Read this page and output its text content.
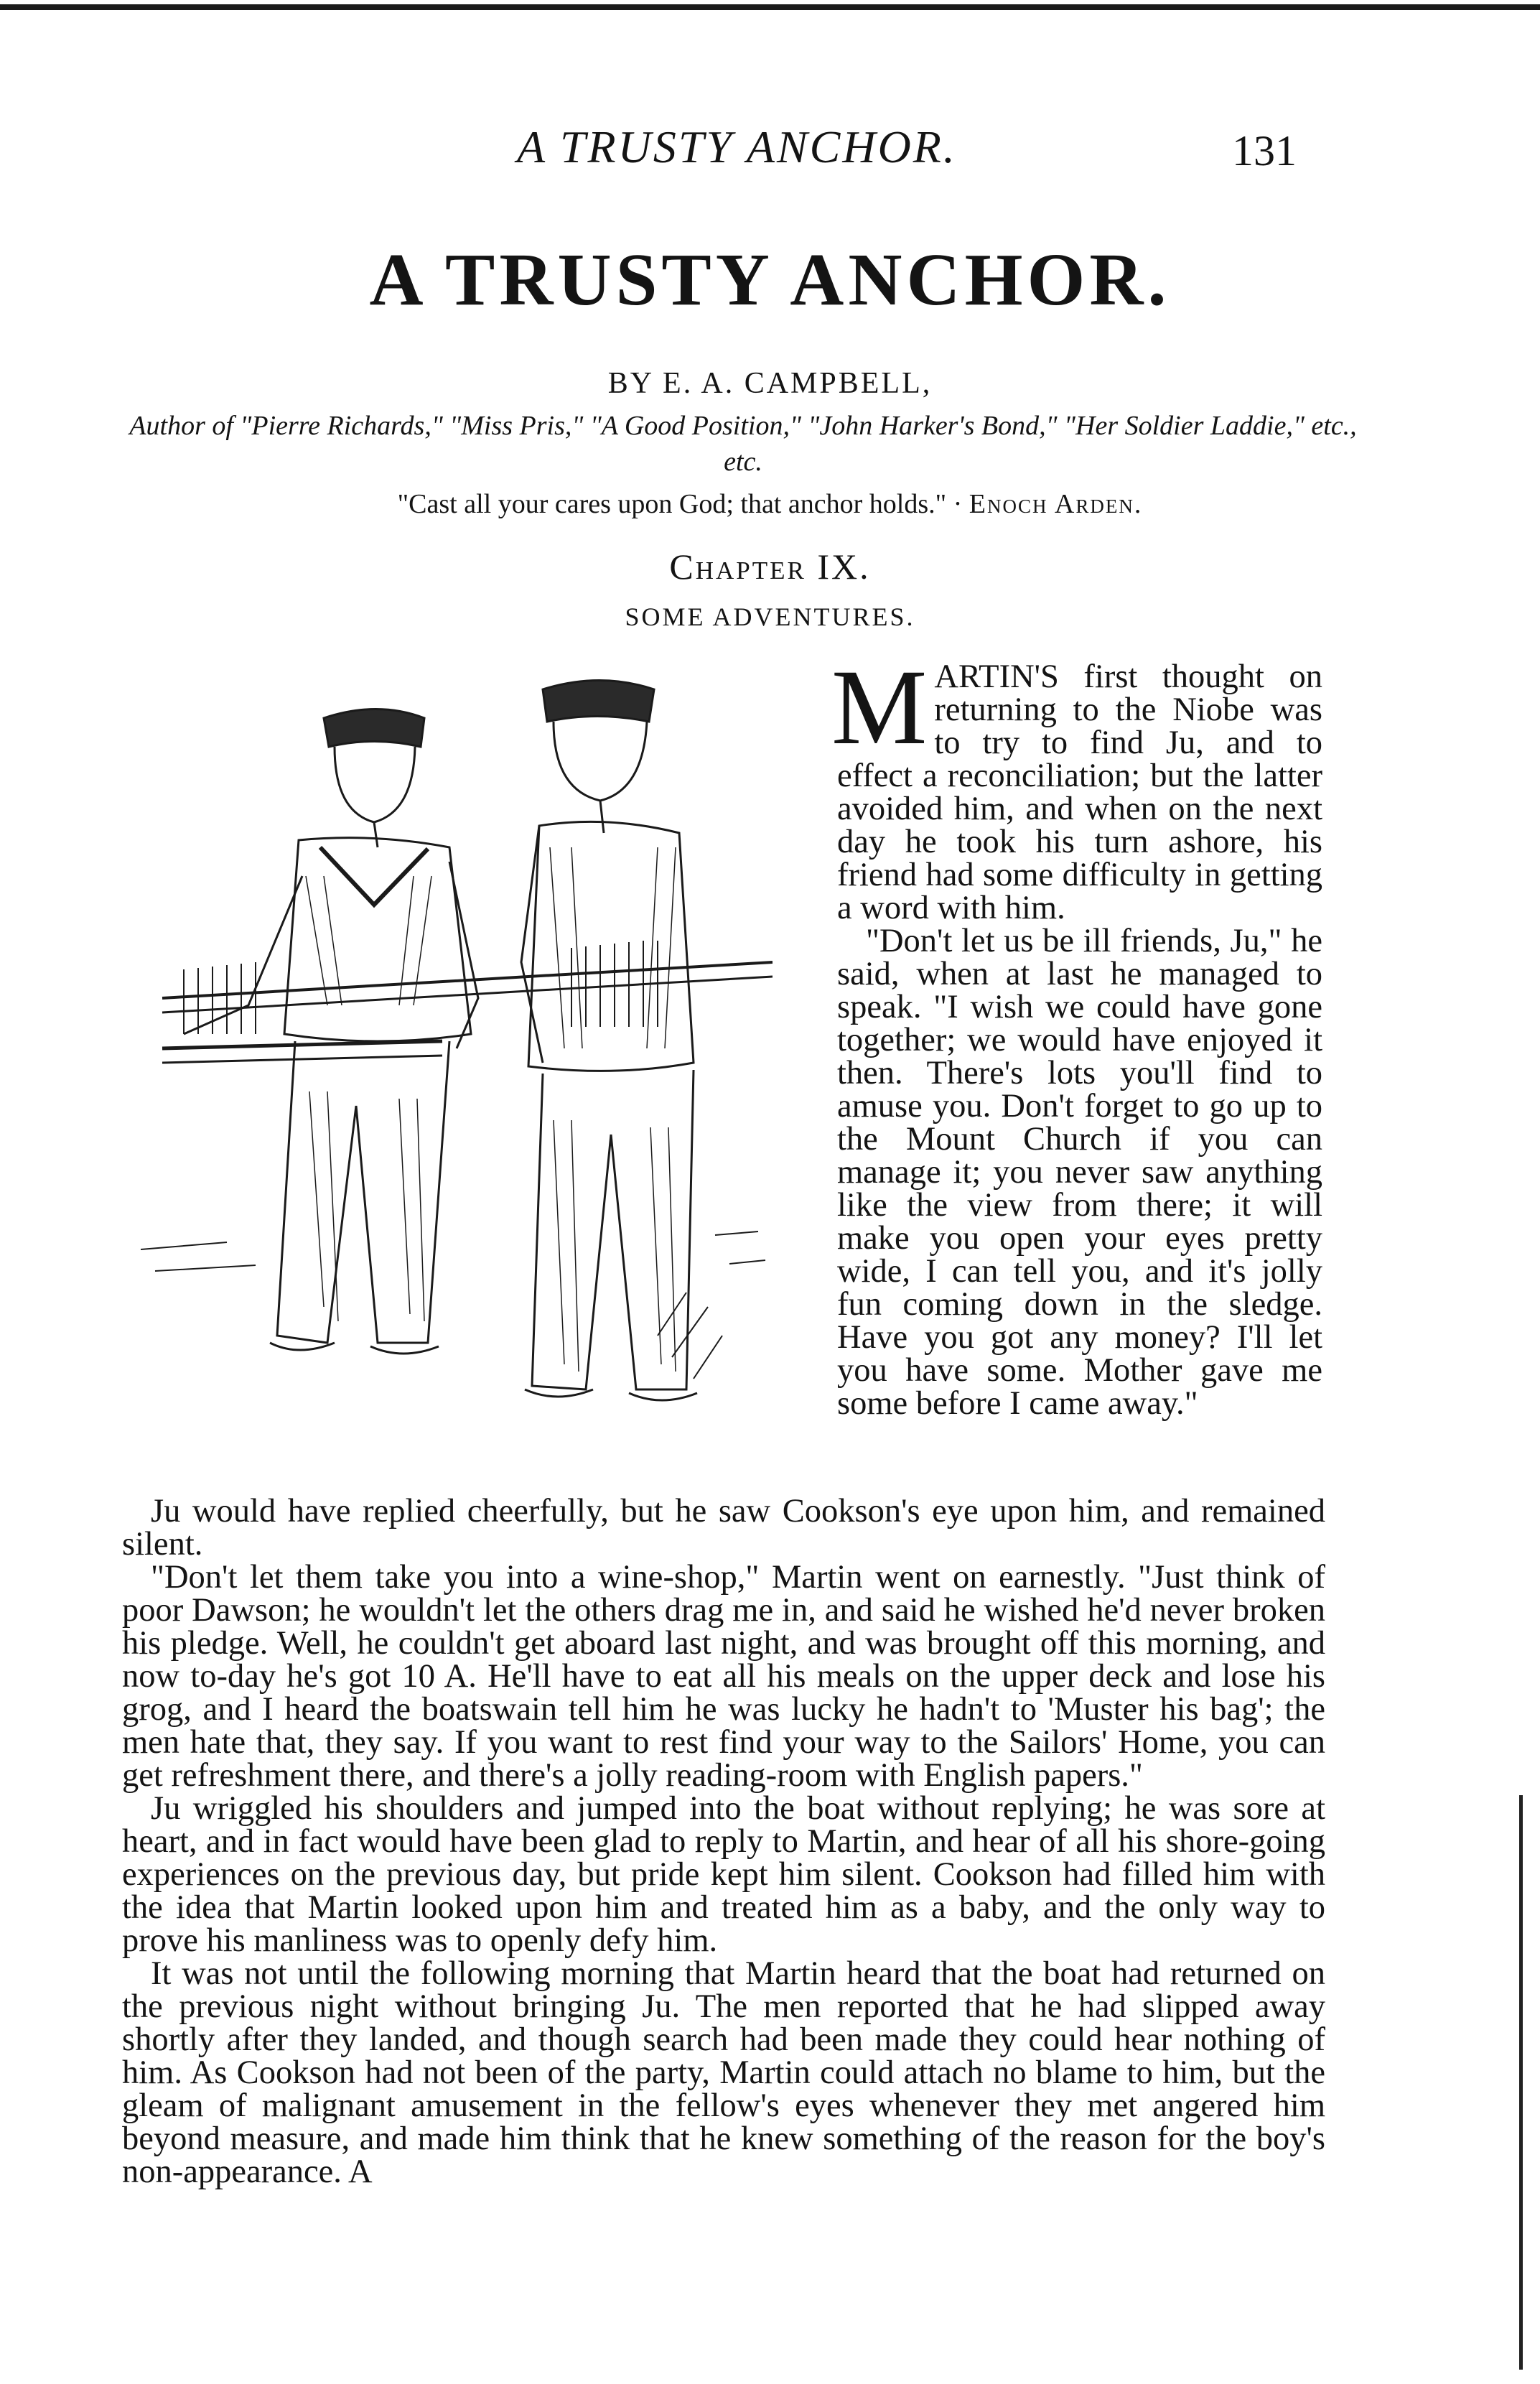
A TRUSTY ANCHOR.	131
A TRUSTY ANCHOR.
BY E. A. CAMPBELL,
Author of "Pierre Richards," "Miss Pris," "A Good Position," "John Harker's Bond," "Her Soldier Laddie," etc., etc.
"Cast all your cares upon God; that anchor holds." · Enoch Arden.
Chapter IX.
SOME ADVENTURES.

MARTIN'S first thought on returning to the Niobe was to try to find Ju, and to effect a reconciliation; but the latter avoided him, and when on the next day he took his turn ashore, his friend had some difficulty in getting a word with him.

"Don't let us be ill friends, Ju," he said, when at last he managed to speak. "I wish we could have gone together; we would have enjoyed it then. There's lots you'll find to amuse you. Don't forget to go up to the Mount Church if you can manage it; you never saw anything like the view from there; it will make you open your eyes pretty wide, I can tell you, and it's jolly fun coming down in the sledge. Have you got any money? I'll let you have some. Mother gave me some before I came away."

Ju would have replied cheerfully, but he saw Cookson's eye upon him, and remained silent.

"Don't let them take you into a wine-shop," Martin went on earnestly. "Just think of poor Dawson; he wouldn't let the others drag me in, and said he wished he'd never broken his pledge. Well, he couldn't get aboard last night, and was brought off this morning, and now to-day he's got 10 A. He'll have to eat all his meals on the upper deck and lose his grog, and I heard the boatswain tell him he was lucky he hadn't to 'Muster his bag'; the men hate that, they say. If you want to rest find your way to the Sailors' Home, you can get refreshment there, and there's a jolly reading-room with English papers."

Ju wriggled his shoulders and jumped into the boat without replying; he was sore at heart, and in fact would have been glad to reply to Martin, and hear of all his shore-going experiences on the previous day, but pride kept him silent. Cookson had filled him with the idea that Martin looked upon him and treated him as a baby, and the only way to prove his manliness was to openly defy him.

It was not until the following morning that Martin heard that the boat had returned on the previous night without bringing Ju. The men reported that he had slipped away shortly after they landed, and though search had been made they could hear nothing of him. As Cookson had not been of the party, Martin could attach no blame to him, but the gleam of malignant amusement in the fellow's eyes whenever they met angered him beyond measure, and made him think that he knew something of the reason for the boy's non-appearance. A
